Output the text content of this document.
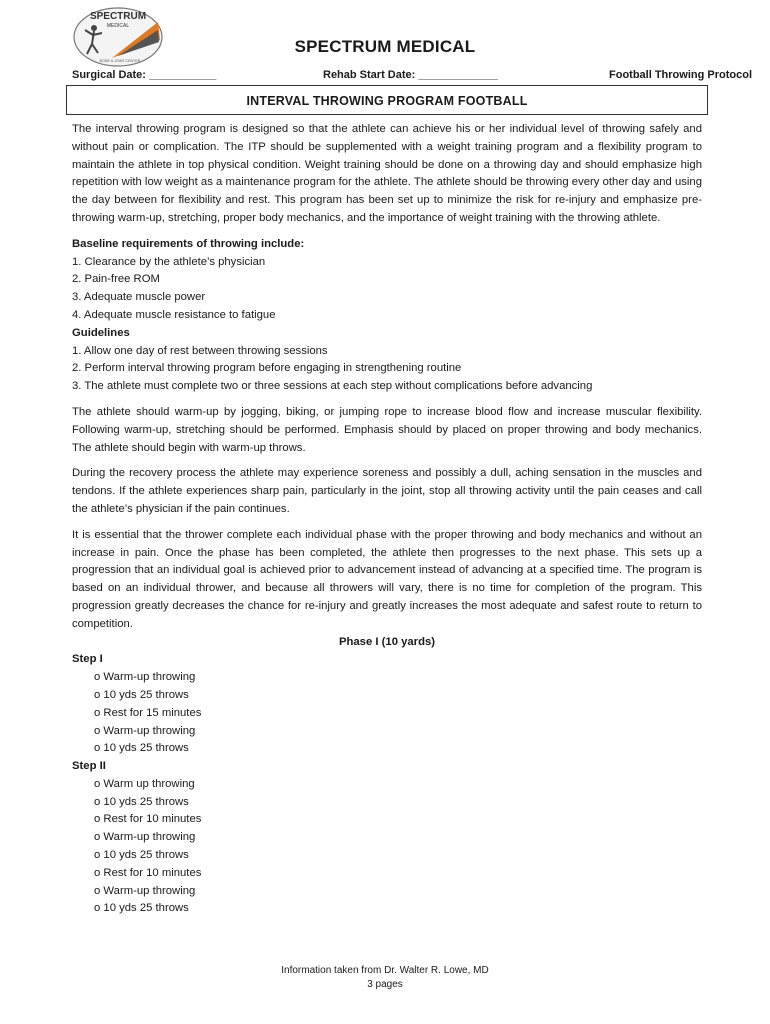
SPECTRUM
MEDICAL
BONE & JOINT CENTER
SPECTRUM MEDICAL
Surgical Date: ___________	Rehab Start Date: _____________	Football Throwing Protocol
INTERVAL THROWING PROGRAM FOOTBALL

The interval throwing program is designed so that the athlete can achieve his or her individual level of throwing safely and without pain or complication. The ITP should be supplemented with a weight training program and a flexibility program to maintain the athlete in top physical condition. Weight training should be done on a throwing day and should emphasize high repetition with low weight as a maintenance program for the athlete. The athlete should be throwing every other day and using the day between for flexibility and rest. This program has been set up to minimize the risk for re-injury and emphasize pre-throwing warm-up, stretching, proper body mechanics, and the importance of weight training with the throwing athlete.

Baseline requirements of throwing include:

1. Clearance by the athlete’s physician
2. Pain-free ROM
3. Adequate muscle power
4. Adequate muscle resistance to fatigue

Guidelines

1. Allow one day of rest between throwing sessions
2. Perform interval throwing program before engaging in strengthening routine
3. The athlete must complete two or three sessions at each step without complications before advancing

The athlete should warm-up by jogging, biking, or jumping rope to increase blood flow and increase muscular flexibility. Following warm-up, stretching should be performed. Emphasis should by placed on proper throwing and body mechanics. The athlete should begin with warm-up throws.

During the recovery process the athlete may experience soreness and possibly a dull, aching sensation in the muscles and tendons. If the athlete experiences sharp pain, particularly in the joint, stop all throwing activity until the pain ceases and call the athlete’s physician if the pain continues.

It is essential that the thrower complete each individual phase with the proper throwing and body mechanics and without an increase in pain. Once the phase has been completed, the athlete then progresses to the next phase. This sets up a progression that an individual goal is achieved prior to advancement instead of advancing at a specified time. The program is based on an individual thrower, and because all throwers will vary, there is no time for completion of the program. This progression greatly decreases the chance for re-injury and greatly increases the most adequate and safest route to return to competition.

Phase I (10 yards)

Step I

o Warm-up throwing
o 10 yds 25 throws
o Rest for 15 minutes
o Warm-up throwing
o 10 yds 25 throws

Step II

o Warm up throwing
o 10 yds 25 throws
o Rest for 10 minutes
o Warm-up throwing
o 10 yds 25 throws
o Rest for 10 minutes
o Warm-up throwing
o 10 yds 25 throws
Information taken from Dr. Walter R. Lowe, MD
3 pages
